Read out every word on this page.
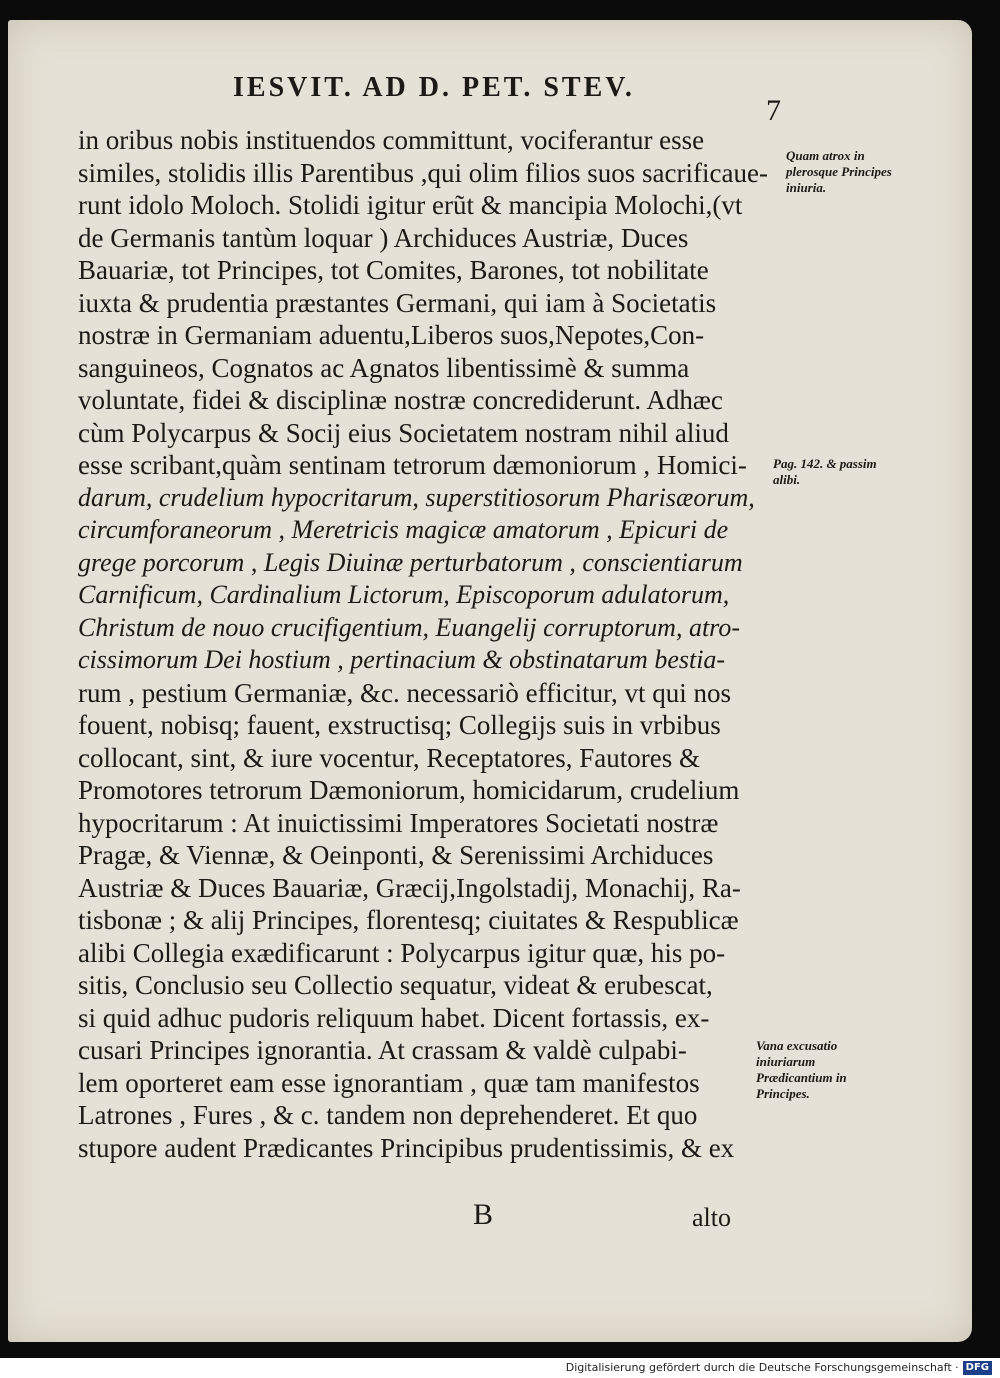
IESVIT. AD D. PET. STEV.
7
in oribus nobis instituendos committunt, vociferantur esse
similes, stolidis illis Parentibus ,qui olim filios suos sacrificaue-
runt idolo Moloch. Stolidi igitur erũt & mancipia Molochi,(vt
de Germanis tantùm loquar ) Archiduces Austriæ, Duces
Bauariæ, tot Principes, tot Comites, Barones, tot nobilitate
iuxta & prudentia præstantes Germani, qui iam à Societatis
nostræ in Germaniam aduentu,Liberos suos,Nepotes,Con-
sanguineos, Cognatos ac Agnatos libentissimè & summa
voluntate, fidei & disciplinæ nostræ concrediderunt. Adhæc
cùm Polycarpus & Socij eius Societatem nostram nihil aliud
esse scribant,quàm sentinam tetrorum dæmoniorum , Homici-
darum, crudelium hypocritarum, superstitiosorum Pharisæorum,
circumforaneorum , Meretricis magicæ amatorum , Epicuri de
grege porcorum , Legis Diuinæ perturbatorum , conscientiarum
Carnificum, Cardinalium Lictorum, Episcoporum adulatorum,
Christum de nouo crucifigentium, Euangelij corruptorum, atro-
cissimorum Dei hostium , pertinacium & obstinatarum bestia-
rum , pestium Germaniæ, &c. necessariò efficitur, vt qui nos
fouent, nobisq; fauent, exstructisq; Collegijs suis in vrbibus
collocant, sint, & iure vocentur, Receptatores, Fautores &
Promotores tetrorum Dæmoniorum, homicidarum, crudelium
hypocritarum : At inuictissimi Imperatores Societati nostræ
Pragæ, & Viennæ, & Oeinponti, & Serenissimi Archiduces
Austriæ & Duces Bauariæ, Græcij,Ingolstadij, Monachij, Ra-
tisbonæ ; & alij Principes, florentesq; ciuitates & Respublicæ
alibi Collegia exædificarunt : Polycarpus igitur quæ, his po-
sitis, Conclusio seu Collectio sequatur, videat & erubescat,
si quid adhuc pudoris reliquum habet. Dicent fortassis, ex-
cusari Principes ignorantia. At crassam & valdè culpabi-
lem oporteret eam esse ignorantiam , quæ tam manifestos
Latrones , Fures , & c. tandem non deprehenderet. Et quo
stupore audent Prædicantes Principibus prudentissimis, & ex
Quam atrox in plerosque Principes iniuria.
Pag. 142. & passim alibi.
Vana excusatio iniuriarum Prædicantium in Principes.
B	alto
Digitalisierung gefördert durch die Deutsche Forschungsgemeinschaft · DFG
